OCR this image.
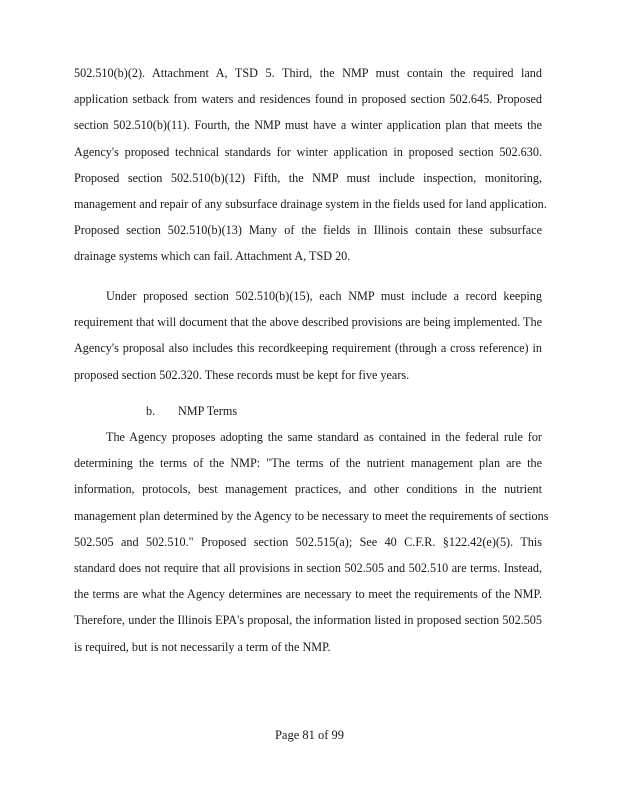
502.510(b)(2). Attachment A, TSD 5. Third, the NMP must contain the required land
application setback from waters and residences found in proposed section 502.645. Proposed
section 502.510(b)(11). Fourth, the NMP must have a winter application plan that meets the
Agency's proposed technical standards for winter application in proposed section 502.630.
Proposed section 502.510(b)(12) Fifth, the NMP must include inspection, monitoring,
management and repair of any subsurface drainage system in the fields used for land application.
Proposed section 502.510(b)(13) Many of the fields in Illinois contain these subsurface
drainage systems which can fail. Attachment A, TSD 20.
Under proposed section 502.510(b)(15), each NMP must include a record keeping
requirement that will document that the above described provisions are being implemented. The
Agency's proposal also includes this recordkeeping requirement (through a cross reference) in
proposed section 502.320. These records must be kept for five years.
b. NMP Terms
The Agency proposes adopting the same standard as contained in the federal rule for
determining the terms of the NMP: "The terms of the nutrient management plan are the
information, protocols, best management practices, and other conditions in the nutrient
management plan determined by the Agency to be necessary to meet the requirements of sections
502.505 and 502.510." Proposed section 502.515(a); See 40 C.F.R. §122.42(e)(5). This
standard does not require that all provisions in section 502.505 and 502.510 are terms. Instead,
the terms are what the Agency determines are necessary to meet the requirements of the NMP.
Therefore, under the Illinois EPA's proposal, the information listed in proposed section 502.505
is required, but is not necessarily a term of the NMP.
Page 81 of 99
